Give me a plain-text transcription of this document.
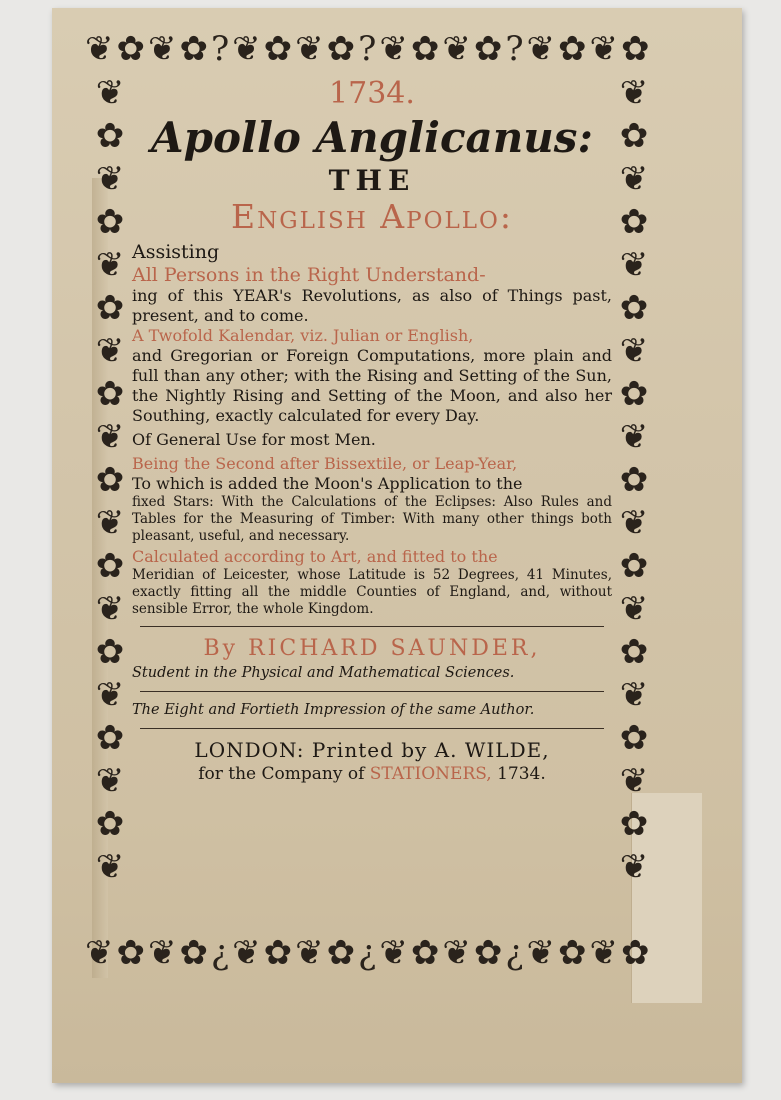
❦✿❦✿?❦✿❦✿?❦✿❦✿?❦✿❦✿
❦✿❦✿¿❦✿❦✿¿❦✿❦✿¿❦✿❦✿
❦
✿
❦
✿
❦
✿
❦
✿
❦
✿
❦
✿
❦
✿
❦
✿
❦
✿
❦
❦
✿
❦
✿
❦
✿
❦
✿
❦
✿
❦
✿
❦
✿
❦
✿
❦
✿
❦
1734.
Apollo Anglicanus:
THE
English Apollo:
Assisting
All Persons in the Right Understand-
ing of this YEAR's Revolutions, as also of Things past, present, and to come.
A Twofold Kalendar, viz. Julian or English,
and Gregorian or Foreign Computations, more plain and full than any other; with the Rising and Setting of the Sun, the Nightly Rising and Setting of the Moon, and also her Southing, exactly calculated for every Day.
Of General Use for most Men.
Being the Second after Bissextile, or Leap-Year,
To which is added the Moon's Application to the
fixed Stars: With the Calculations of the Eclipses: Also Rules and Tables for the Measuring of Timber: With many other things both pleasant, useful, and necessary.
Calculated according to Art, and fitted to the
Meridian of Leicester, whose Latitude is 52 Degrees, 41 Minutes, exactly fitting all the middle Counties of England, and, without sensible Error, the whole Kingdom.
By RICHARD SAUNDER,
Student in the Physical and Mathematical Sciences.
The Eight and Fortieth Impression of the same Author.
LONDON: Printed by A. WILDE,
for the Company of STATIONERS, 1734.
